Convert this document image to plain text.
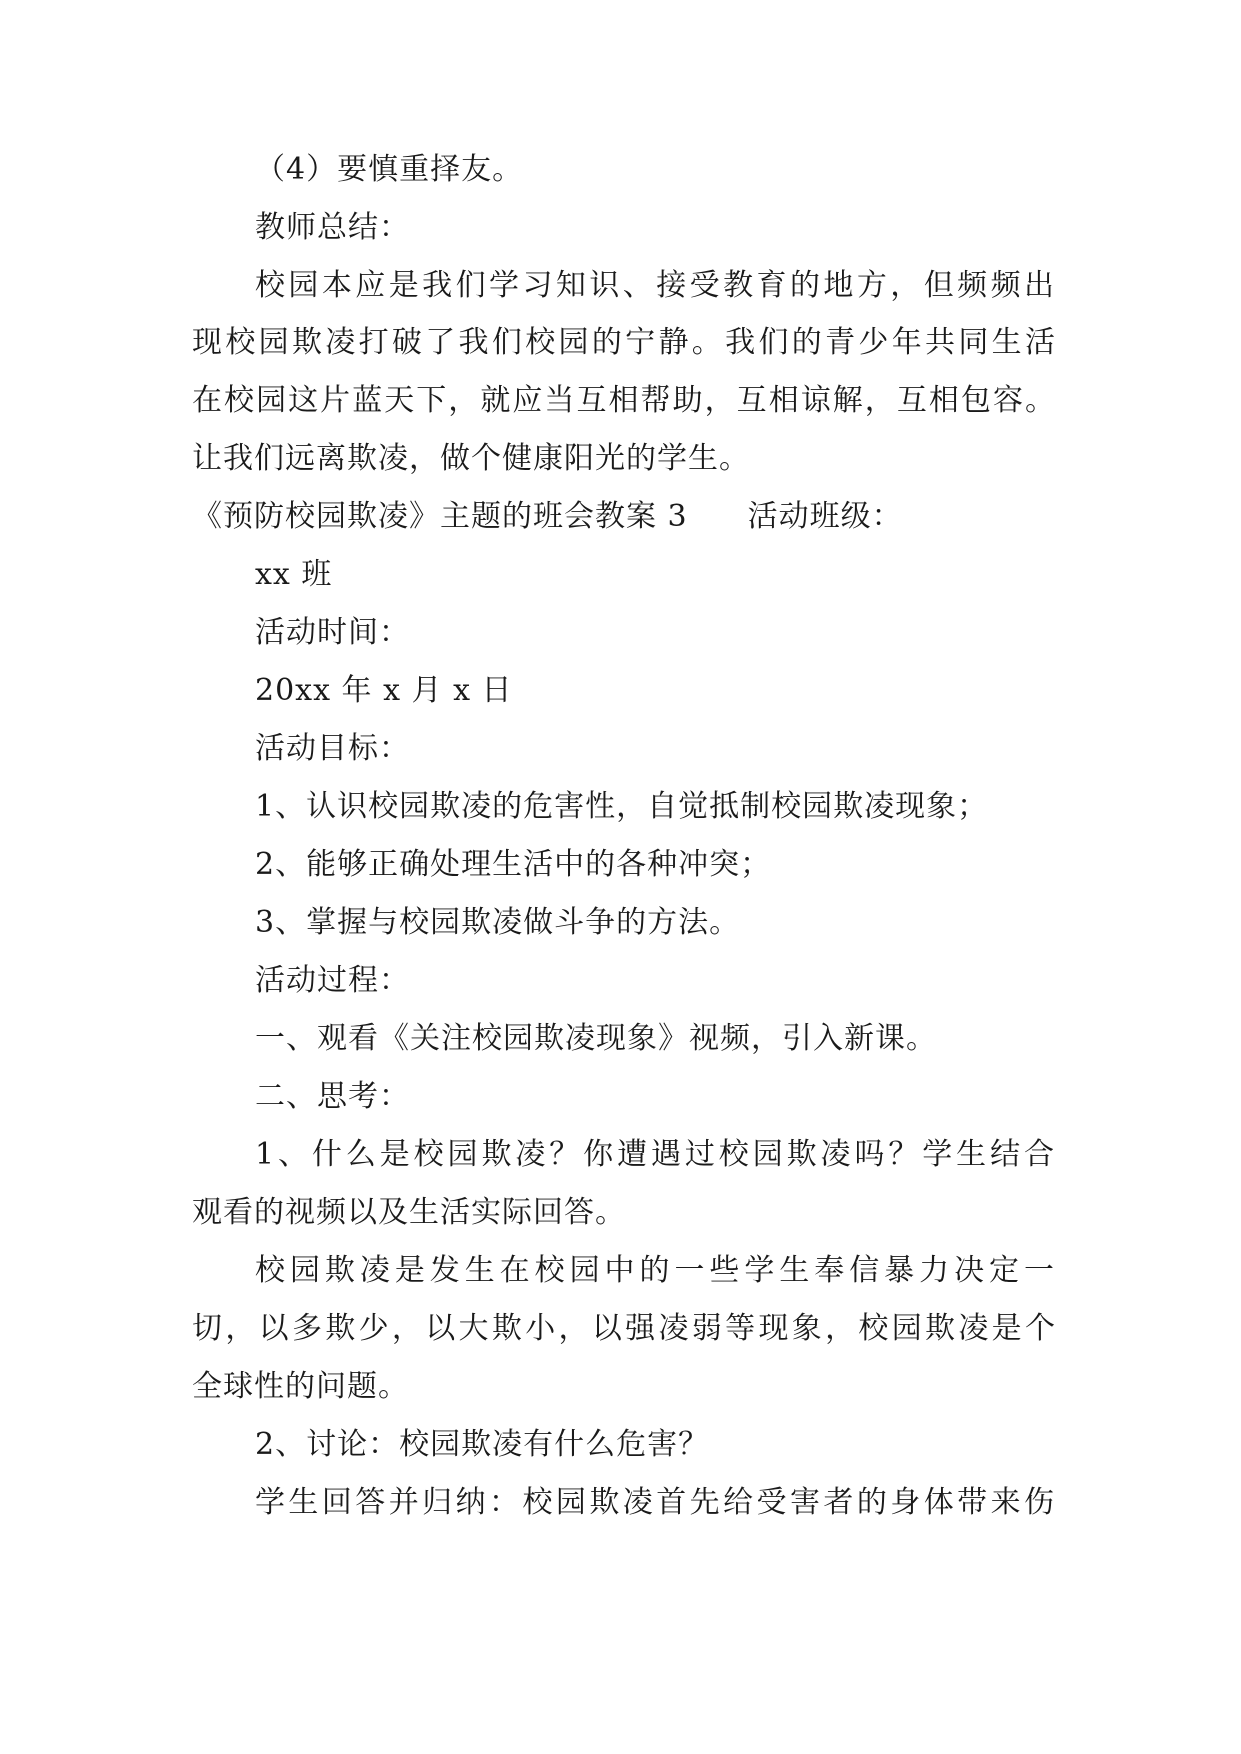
（4）要慎重择友。

教师总结：

校园本应是我们学习知识、接受教育的地方，但频频出

现校园欺凌打破了我们校园的宁静。我们的青少年共同生活

在校园这片蓝天下，就应当互相帮助，互相谅解，互相包容。

让我们远离欺凌，做个健康阳光的学生。

《预防校园欺凌》主题的班会教案 3 活动班级：

xx 班

活动时间：

20xx 年 x 月 x 日

活动目标：

1、认识校园欺凌的危害性，自觉抵制校园欺凌现象；

2、能够正确处理生活中的各种冲突；

3、掌握与校园欺凌做斗争的方法。

活动过程：

一、观看《关注校园欺凌现象》视频，引入新课。

二、思考：

1、什么是校园欺凌？你遭遇过校园欺凌吗？学生结合

观看的视频以及生活实际回答。

校园欺凌是发生在校园中的一些学生奉信暴力决定一

切，以多欺少，以大欺小，以强凌弱等现象，校园欺凌是个

全球性的问题。

2、讨论：校园欺凌有什么危害？

学生回答并归纳：校园欺凌首先给受害者的身体带来伤
